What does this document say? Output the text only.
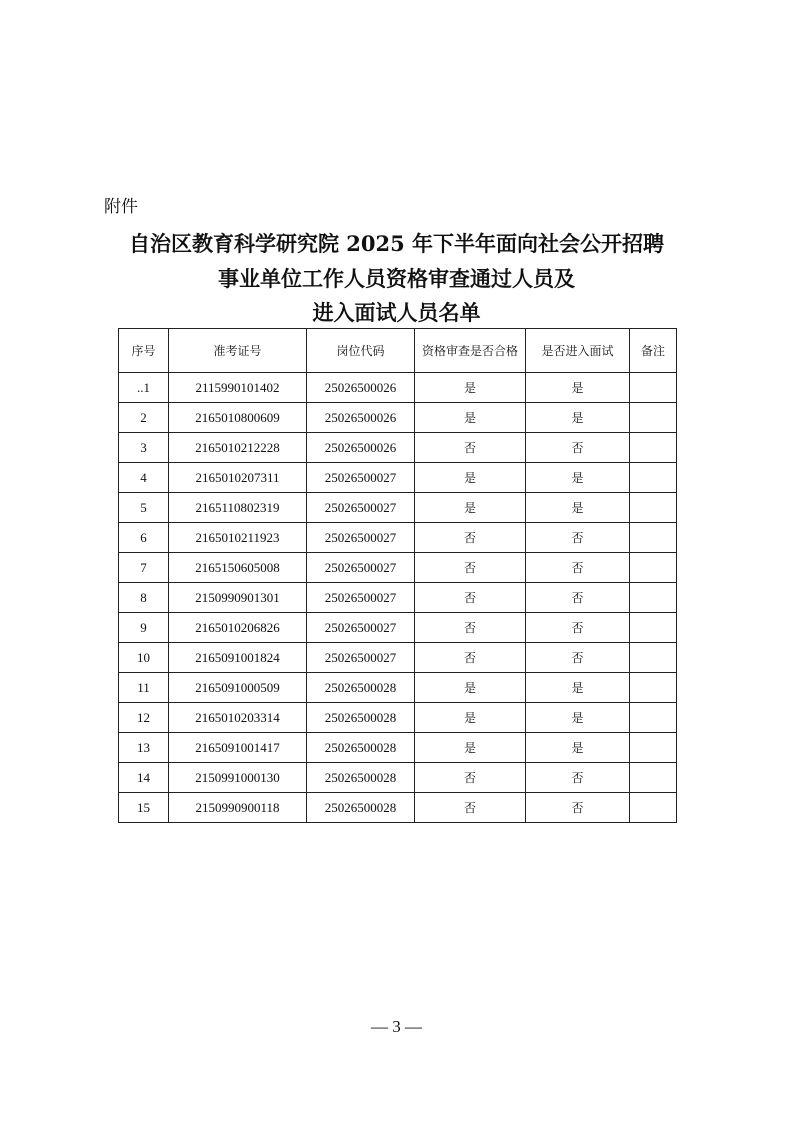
附件
自治区教育科学研究院 2025 年下半年面向社会公开招聘
事业单位工作人员资格审查通过人员及
进入面试人员名单
序号	准考证号	岗位代码	资格审查是否合格	是否进入面试	备注
..1	2115990101402	25026500026	是	是	
2	2165010800609	25026500026	是	是	
3	2165010212228	25026500026	否	否	
4	2165010207311	25026500027	是	是	
5	2165110802319	25026500027	是	是	
6	2165010211923	25026500027	否	否	
7	2165150605008	25026500027	否	否	
8	2150990901301	25026500027	否	否	
9	2165010206826	25026500027	否	否	
10	2165091001824	25026500027	否	否	
11	2165091000509	25026500028	是	是	
12	2165010203314	25026500028	是	是	
13	2165091001417	25026500028	是	是	
14	2150991000130	25026500028	否	否	
15	2150990900118	25026500028	否	否	
— 3 —
